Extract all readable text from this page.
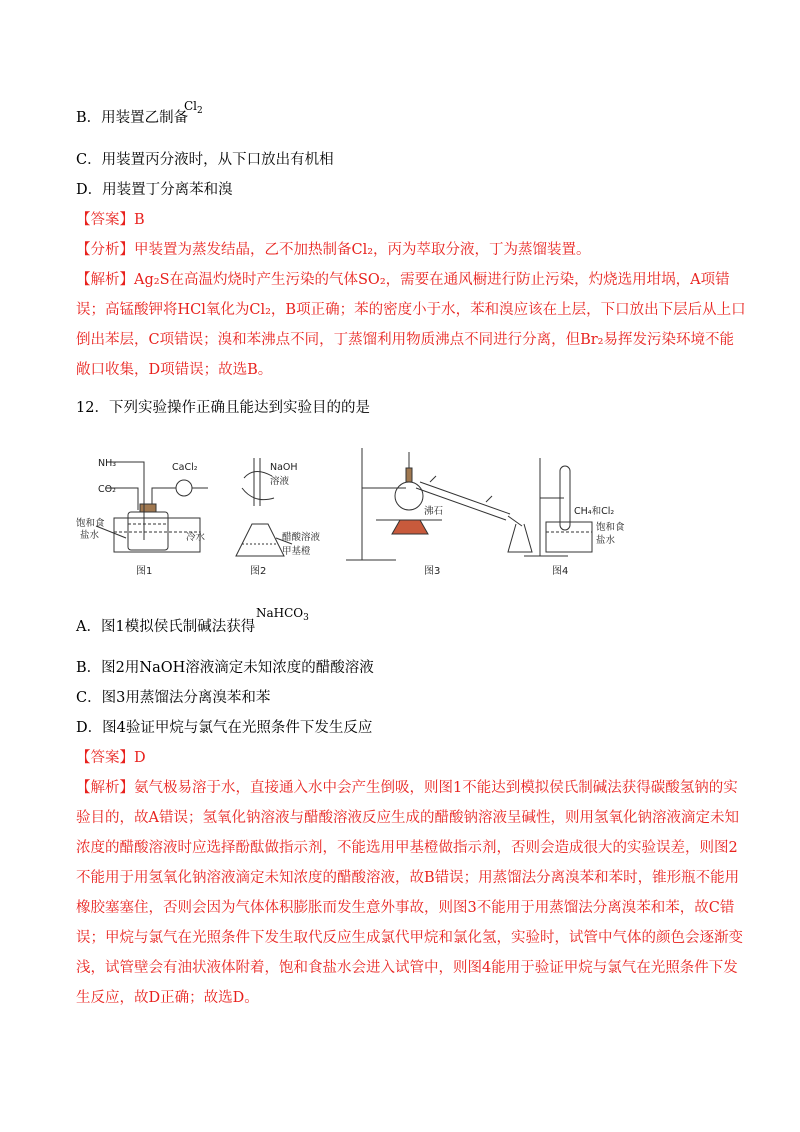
B．用装置乙制备
$Cl_2$
C．用装置丙分液时，从下口放出有机相
D．用装置丁分离苯和溴
【答案】B
【分析】甲装置为蒸发结晶，乙不加热制备Cl₂，丙为萃取分液，丁为蒸馏装置。

【解析】Ag₂S在高温灼烧时产生污染的气体SO₂，需要在通风橱进行防止污染，灼烧选用坩埚，A项错

误；高锰酸钾将HCl氧化为Cl₂，B项正确；苯的密度小于水，苯和溴应该在上层，下口放出下层后从上口

倒出苯层，C项错误；溴和苯沸点不同，丁蒸馏利用物质沸点不同进行分离，但Br₂易挥发污染环境不能

敞口收集，D项错误；故选B。

12．下列实验操作正确且能达到实验目的的是
NH₃
CO₂
CaCl₂
饱和食
盐水	冷水
图1
NaOH
溶液
醋酸溶液
甲基橙
图2
沸石
图3
CH₄和Cl₂
饱和食
盐水
图4
A．图1模拟侯氏制碱法获得
NaHCO$_3$
B．图2用NaOH溶液滴定未知浓度的醋酸溶液
C．图3用蒸馏法分离溴苯和苯
D．图4验证甲烷与氯气在光照条件下发生反应
【答案】D

【解析】氨气极易溶于水，直接通入水中会产生倒吸，则图1不能达到模拟侯氏制碱法获得碳酸氢钠的实

验目的，故A错误；氢氧化钠溶液与醋酸溶液反应生成的醋酸钠溶液呈碱性，则用氢氧化钠溶液滴定未知

浓度的醋酸溶液时应选择酚酞做指示剂，不能选用甲基橙做指示剂，否则会造成很大的实验误差，则图2

不能用于用氢氧化钠溶液滴定未知浓度的醋酸溶液，故B错误；用蒸馏法分离溴苯和苯时，锥形瓶不能用

橡胶塞塞住，否则会因为气体体积膨胀而发生意外事故，则图3不能用于用蒸馏法分离溴苯和苯，故C错

误；甲烷与氯气在光照条件下发生取代反应生成氯代甲烷和氯化氢，实验时，试管中气体的颜色会逐渐变

浅，试管壁会有油状液体附着，饱和食盐水会进入试管中，则图4能用于验证甲烷与氯气在光照条件下发

生反应，故D正确；故选D。
